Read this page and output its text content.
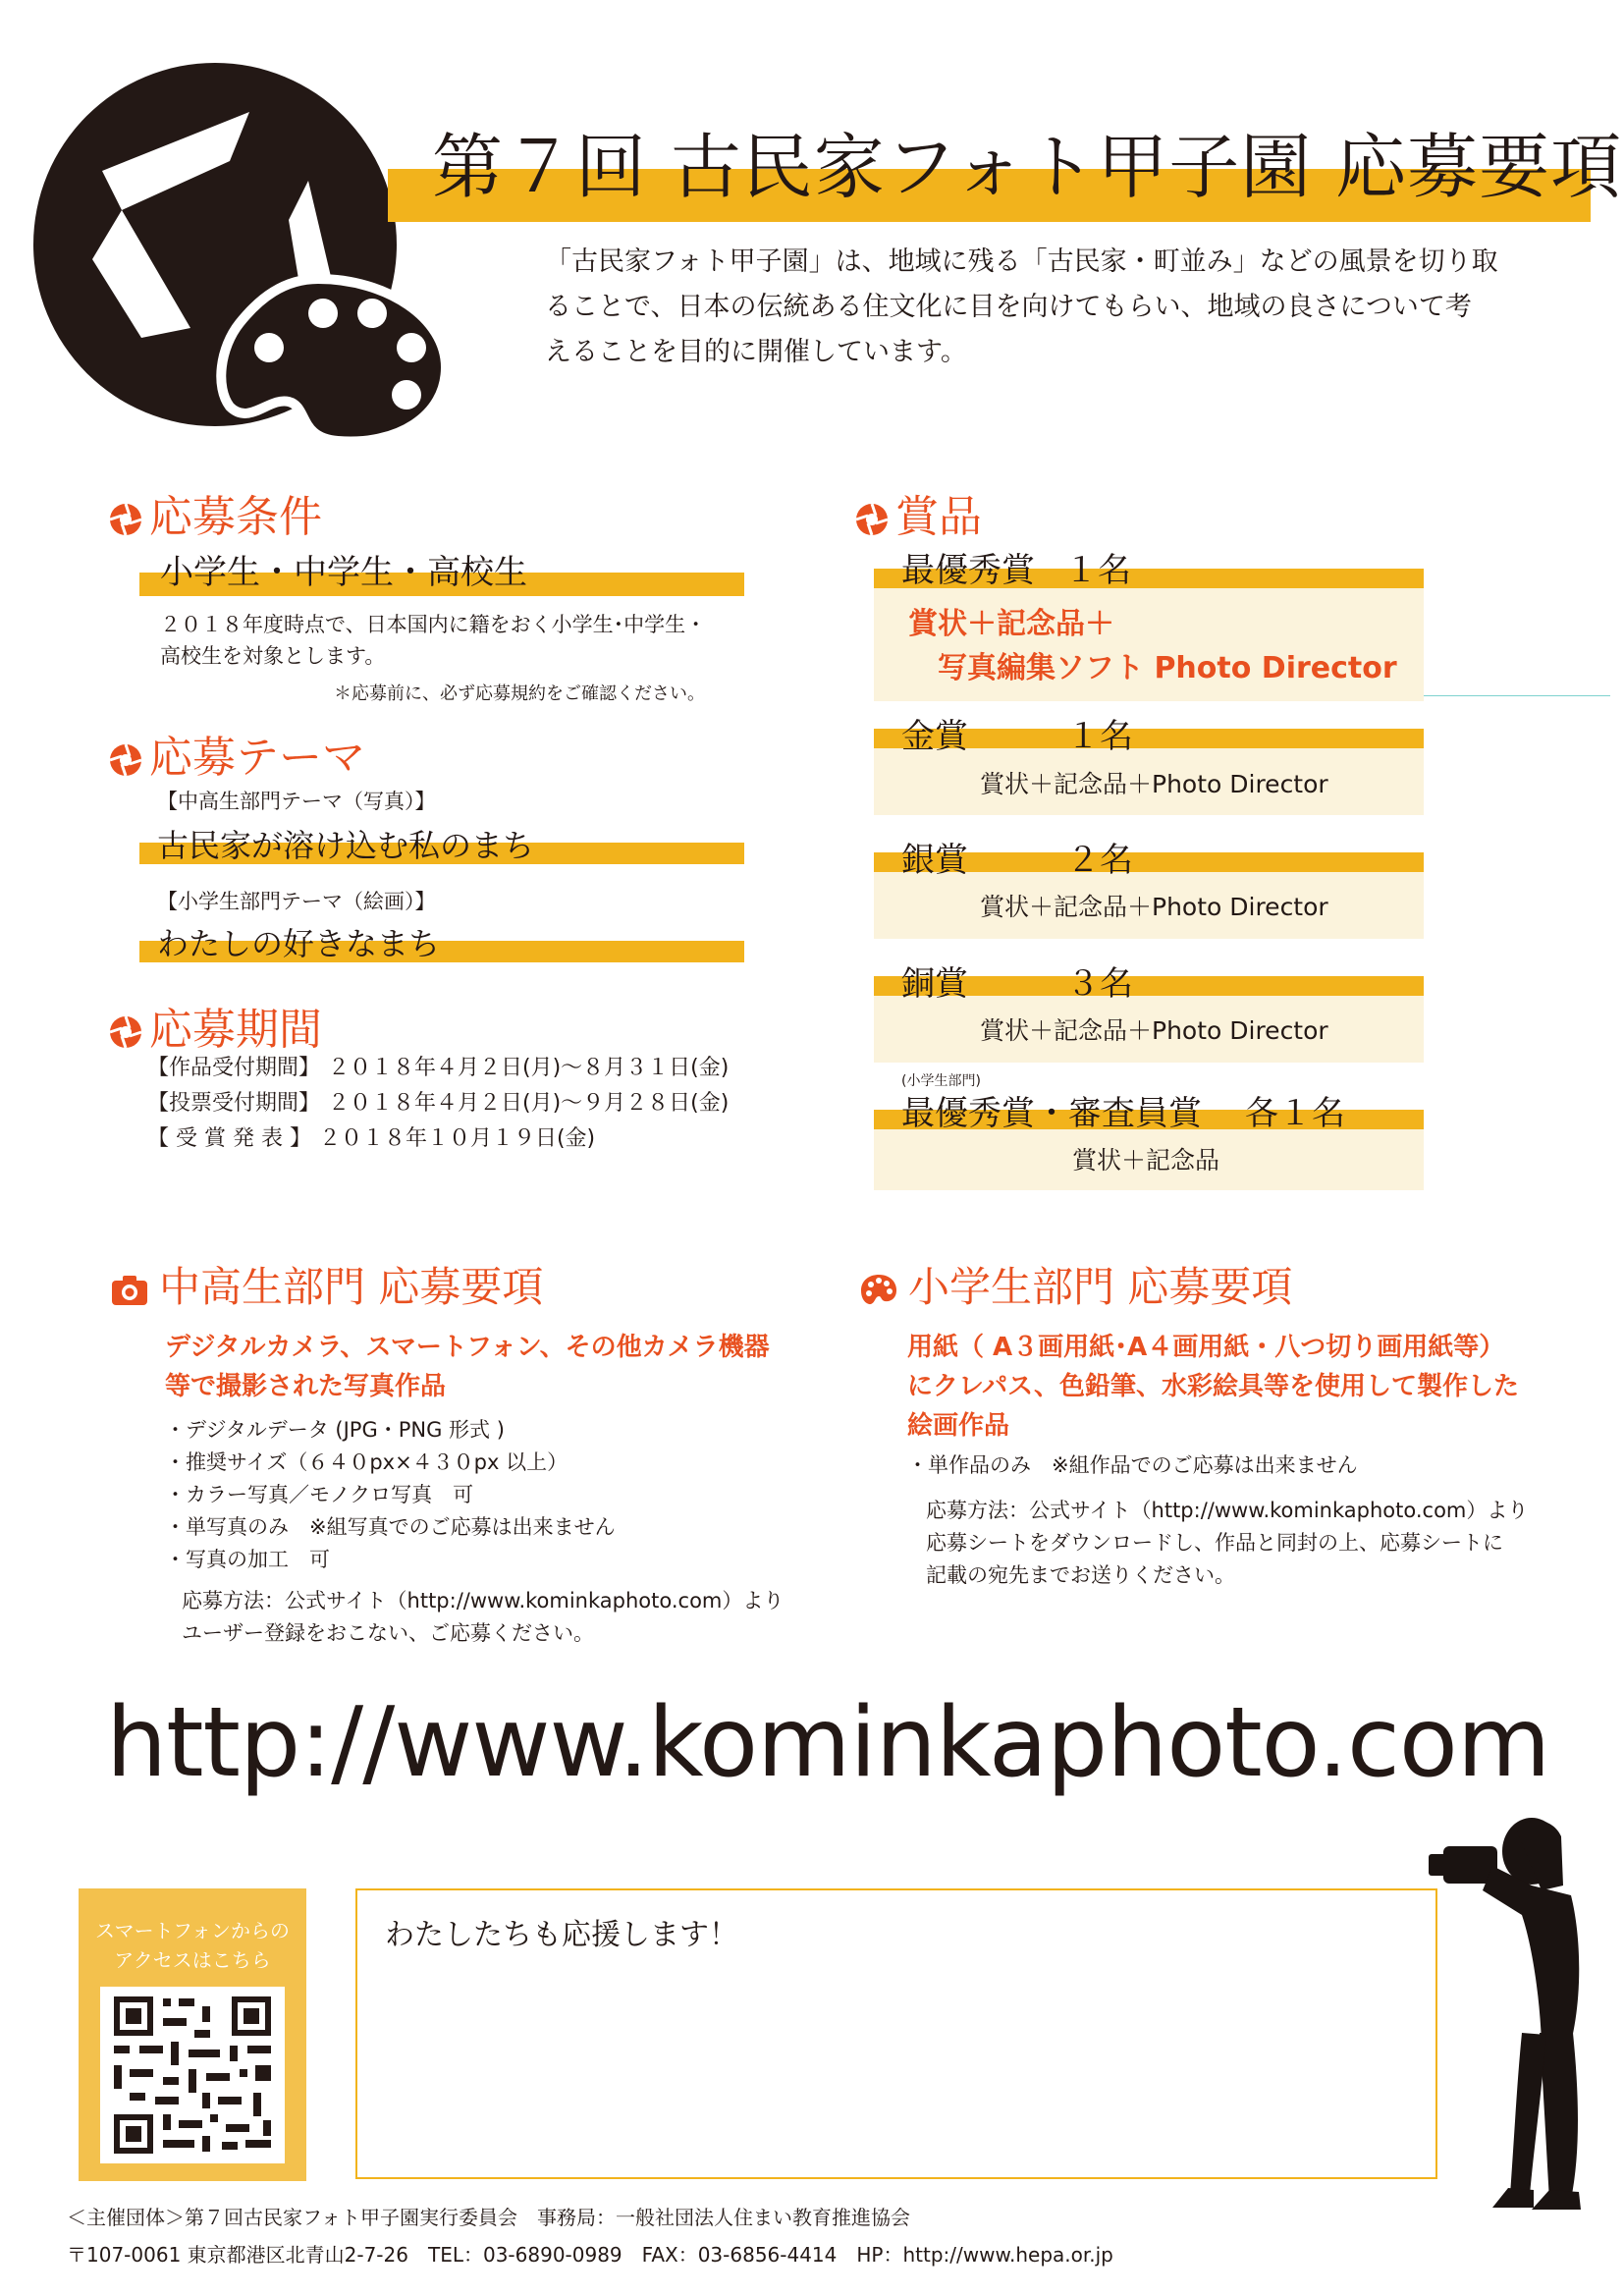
第７回 古民家フォト甲子園 応募要項
「古民家フォト甲子園」は、地域に残る「古民家・町並み」などの風景を切り取
ることで、日本の伝統ある住文化に目を向けてもらい、地域の良さについて考
えることを目的に開催しています。
応募条件
小学生・中学生・高校生
２０１８年度時点で、日本国内に籍をおく小学生･中学生・
高校生を対象とします。
＊応募前に、必ず応募規約をご確認ください。
応募テーマ
【中高生部門テーマ（写真）】
古民家が溶け込む私のまち
【小学生部門テーマ（絵画）】
わたしの好きなまち
応募期間
【作品受付期間】 ２０１８年４月２日(月)～８月３１日(金)
【投票受付期間】 ２０１８年４月２日(月)～９月２８日(金)
【 受 賞 発 表 】 ２０１８年１０月１９日(金)
賞品
最優秀賞 １名
賞状＋記念品＋
写真編集ソフト Photo Director
金賞	１名
賞状＋記念品＋Photo Director
銀賞	２名
賞状＋記念品＋Photo Director
銅賞	３名
賞状＋記念品＋Photo Director
(小学生部門)
最優秀賞・審査員賞 各１名
賞状＋記念品
中高生部門 応募要項
デジタルカメラ、スマートフォン、その他カメラ機器
等で撮影された写真作品
・デジタルデータ (JPG・PNG 形式 )
・推奨サイズ（６４０px×４３０px 以上）
・カラー写真／モノクロ写真　可
・単写真のみ　※組写真でのご応募は出来ません
・写真の加工　可
応募方法：公式サイト（http://www.kominkaphoto.com）より
ユーザー登録をおこない、ご応募ください。
小学生部門 応募要項
用紙（ A３画用紙･A４画用紙・八つ切り画用紙等）
にクレパス、色鉛筆、水彩絵具等を使用して製作した
絵画作品
・単作品のみ　※組作品でのご応募は出来ません
応募方法：公式サイト（http://www.kominkaphoto.com）より
応募シートをダウンロードし、作品と同封の上、応募シートに
記載の宛先までお送りください。
http://www.kominkaphoto.com
スマートフォンからの
アクセスはこちら
わたしたちも応援します！
＜主催団体＞第７回古民家フォト甲子園実行委員会　事務局：一般社団法人住まい教育推進協会
〒107-0061 東京都港区北青山2-7-26　TEL：03-6890-0989　FAX：03-6856-4414　HP：http://www.hepa.or.jp
